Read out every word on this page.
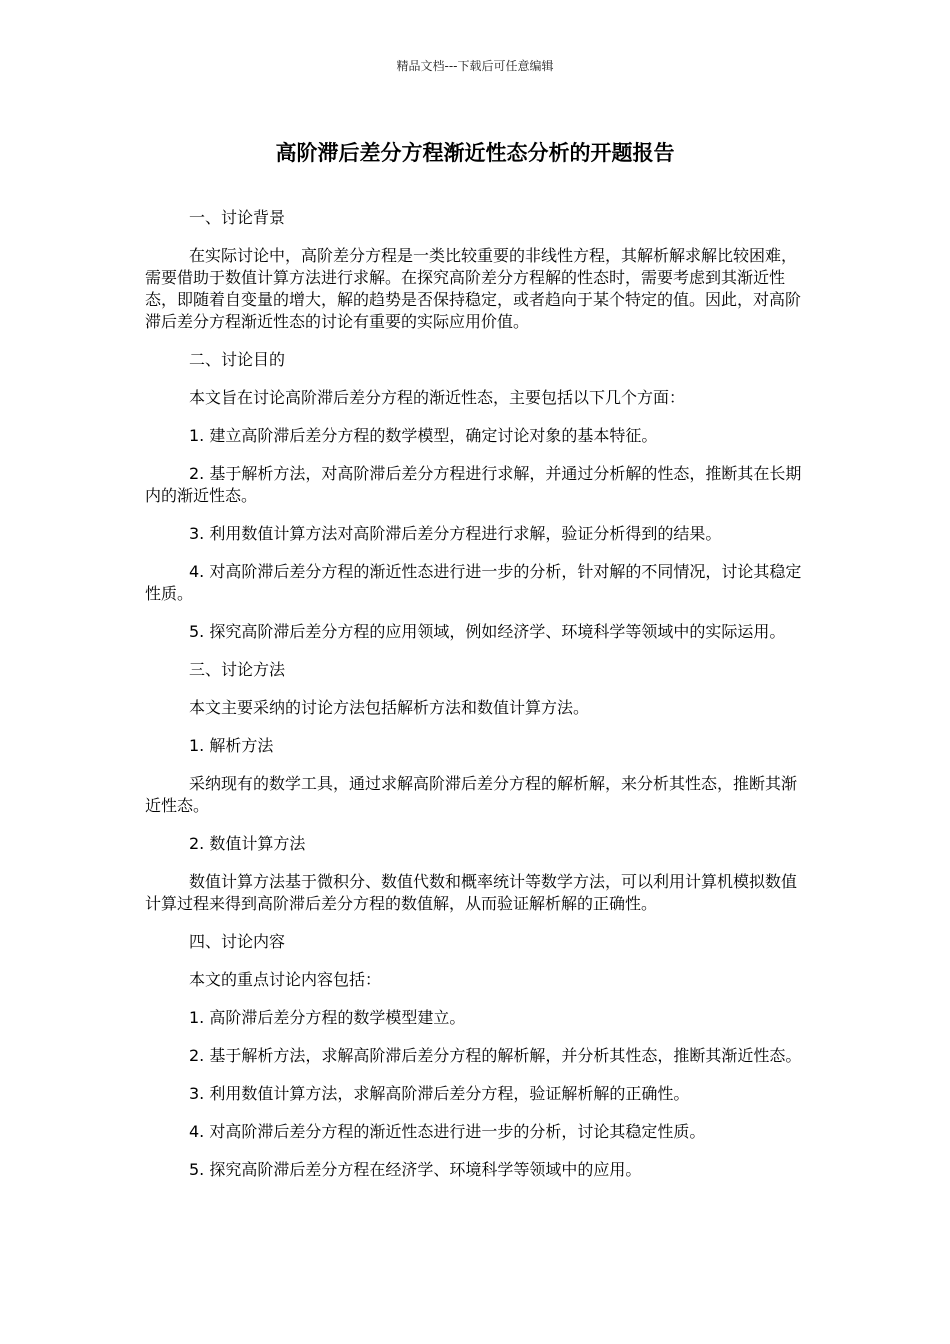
精品文档---下载后可任意编辑
高阶滞后差分方程渐近性态分析的开题报告

一、讨论背景

在实际讨论中，高阶差分方程是一类比较重要的非线性方程，其解析解求解比较困难，需要借助于数值计算方法进行求解。在探究高阶差分方程解的性态时，需要考虑到其渐近性态，即随着自变量的增大，解的趋势是否保持稳定，或者趋向于某个特定的值。因此，对高阶滞后差分方程渐近性态的讨论有重要的实际应用价值。

二、讨论目的

本文旨在讨论高阶滞后差分方程的渐近性态，主要包括以下几个方面：

1. 建立高阶滞后差分方程的数学模型，确定讨论对象的基本特征。

2. 基于解析方法，对高阶滞后差分方程进行求解，并通过分析解的性态，推断其在长期内的渐近性态。

3. 利用数值计算方法对高阶滞后差分方程进行求解，验证分析得到的结果。

4. 对高阶滞后差分方程的渐近性态进行进一步的分析，针对解的不同情况，讨论其稳定性质。

5. 探究高阶滞后差分方程的应用领域，例如经济学、环境科学等领域中的实际运用。

三、讨论方法

本文主要采纳的讨论方法包括解析方法和数值计算方法。

1. 解析方法

采纳现有的数学工具，通过求解高阶滞后差分方程的解析解，来分析其性态，推断其渐近性态。

2. 数值计算方法

数值计算方法基于微积分、数值代数和概率统计等数学方法，可以利用计算机模拟数值计算过程来得到高阶滞后差分方程的数值解，从而验证解析解的正确性。

四、讨论内容

本文的重点讨论内容包括：

1. 高阶滞后差分方程的数学模型建立。

2. 基于解析方法，求解高阶滞后差分方程的解析解，并分析其性态，推断其渐近性态。

3. 利用数值计算方法，求解高阶滞后差分方程，验证解析解的正确性。

4. 对高阶滞后差分方程的渐近性态进行进一步的分析，讨论其稳定性质。

5. 探究高阶滞后差分方程在经济学、环境科学等领域中的应用。
